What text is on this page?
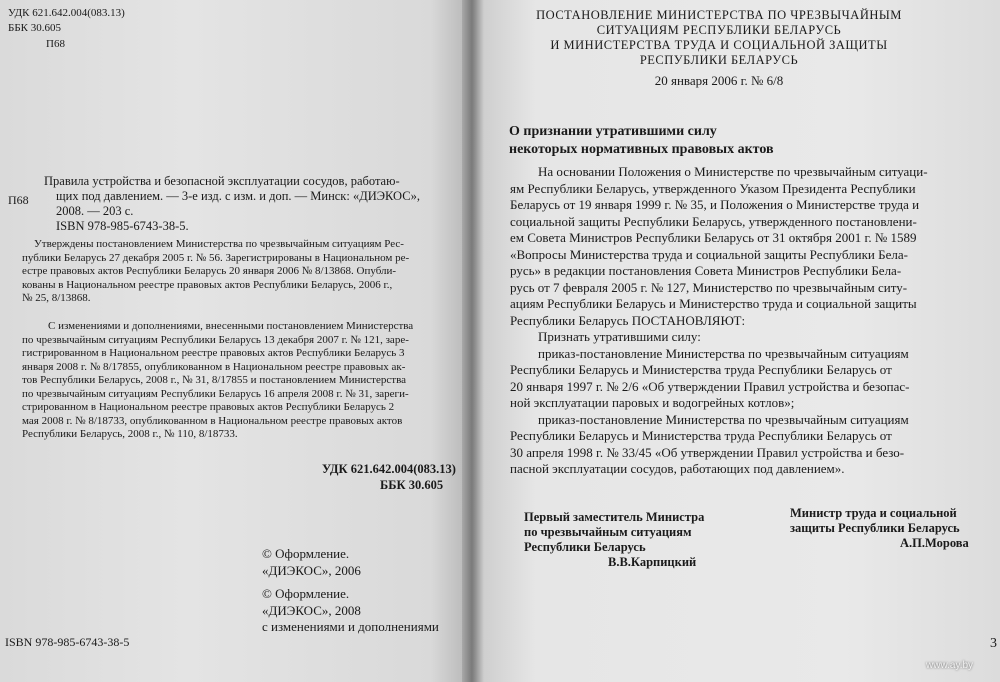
УДК 621.642.004(083.13)
ББК 30.605
П68
П68
Правила устройства и безопасной эксплуатации сосудов, работаю-
щих под давлением. — 3-е изд. с изм. и доп. — Минск: «ДИЭКОС»,
2008. — 203 с.
ISBN 978-985-6743-38-5.
Утверждены постановлением Министерства по чрезвычайным ситуациям Рес-
публики Беларусь 27 декабря 2005 г. № 56. Зарегистрированы в Национальном ре-
естре правовых актов Республики Беларусь 20 января 2006 № 8/13868. Опубли-
кованы в Национальном реестре правовых актов Республики Беларусь, 2006 г.,
№ 25, 8/13868.
С изменениями и дополнениями, внесенными постановлением Министерства
по чрезвычайным ситуациям Республики Беларусь 13 декабря 2007 г. № 121, заре-
гистрированном в Национальном реестре правовых актов Республики Беларусь 3
января 2008 г. № 8/17855, опубликованном в Национальном реестре правовых ак-
тов Республики Беларусь, 2008 г., № 31, 8/17855 и постановлением Министерства
по чрезвычайным ситуациям Республики Беларусь 16 апреля 2008 г. № 31, зареги-
стрированном в Национальном реестре правовых актов Республики Беларусь 2
мая 2008 г. № 8/18733, опубликованном в Национальном реестре правовых актов
Республики Беларусь, 2008 г., № 110, 8/18733.
УДК 621.642.004(083.13)
ББК 30.605
© Оформление.
«ДИЭКОС», 2006
© Оформление.
«ДИЭКОС», 2008
с изменениями и дополнениями
ISBN 978-985-6743-38-5
ПОСТАНОВЛЕНИЕ МИНИСТЕРСТВА ПО ЧРЕЗВЫЧАЙНЫМ
СИТУАЦИЯМ РЕСПУБЛИКИ БЕЛАРУСЬ
И МИНИСТЕРСТВА ТРУДА И СОЦИАЛЬНОЙ ЗАЩИТЫ
РЕСПУБЛИКИ БЕЛАРУСЬ
20 января 2006 г. № 6/8
О признании утратившими силу
некоторых нормативных правовых актов
На основании Положения о Министерстве по чрезвычайным ситуаци-
ям Республики Беларусь, утвержденного Указом Президента Республики
Беларусь от 19 января 1999 г. № 35, и Положения о Министерстве труда и
социальной защиты Республики Беларусь, утвержденного постановлени-
ем Совета Министров Республики Беларусь от 31 октября 2001 г. № 1589
«Вопросы Министерства труда и социальной защиты Республики Бела-
русь» в редакции постановления Совета Министров Республики Бела-
русь от 7 февраля 2005 г. № 127, Министерство по чрезвычайным ситу-
ациям Республики Беларусь и Министерство труда и социальной защиты
Республики Беларусь ПОСТАНОВЛЯЮТ:
Признать утратившими силу:
приказ-постановление Министерства по чрезвычайным ситуациям
Республики Беларусь и Министерства труда Республики Беларусь от
20 января 1997 г. № 2/6 «Об утверждении Правил устройства и безопас-
ной эксплуатации паровых и водогрейных котлов»;
приказ-постановление Министерства по чрезвычайным ситуациям
Республики Беларусь и Министерства труда Республики Беларусь от
30 апреля 1998 г. № 33/45 «Об утверждении Правил устройства и безо-
пасной эксплуатации сосудов, работающих под давлением».
Первый заместитель Министра
по чрезвычайным ситуациям
Республики Беларусь
В.В.Карпицкий
Министр труда и социальной
защиты Республики Беларусь
А.П.Морова
3
www.ay.by
